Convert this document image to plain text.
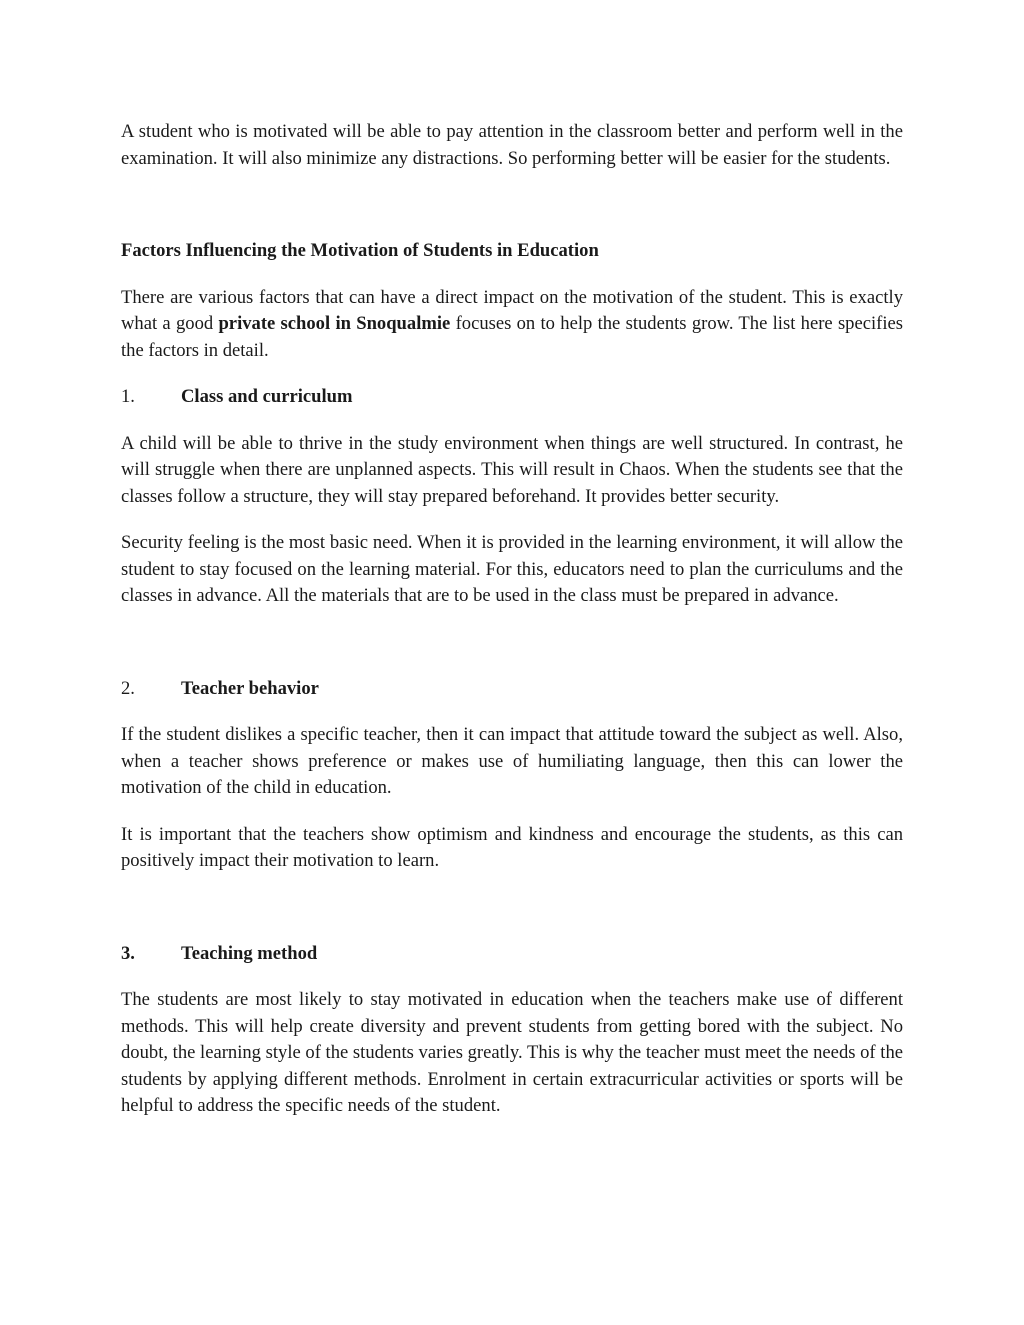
A student who is motivated will be able to pay attention in the classroom better and perform well in the examination. It will also minimize any distractions. So performing better will be easier for the students.

Factors Influencing the Motivation of Students in Education

There are various factors that can have a direct impact on the motivation of the student. This is exactly what a good private school in Snoqualmie focuses on to help the students grow. The list here specifies the factors in detail.

1.	Class and curriculum

A child will be able to thrive in the study environment when things are well structured. In contrast, he will struggle when there are unplanned aspects. This will result in Chaos. When the students see that the classes follow a structure, they will stay prepared beforehand. It provides better security.

Security feeling is the most basic need. When it is provided in the learning environment, it will allow the student to stay focused on the learning material. For this, educators need to plan the curriculums and the classes in advance. All the materials that are to be used in the class must be prepared in advance.

2.	Teacher behavior

If the student dislikes a specific teacher, then it can impact that attitude toward the subject as well. Also, when a teacher shows preference or makes use of humiliating language, then this can lower the motivation of the child in education.

It is important that the teachers show optimism and kindness and encourage the students, as this can positively impact their motivation to learn.

3.	Teaching method

The students are most likely to stay motivated in education when the teachers make use of different methods. This will help create diversity and prevent students from getting bored with the subject. No doubt, the learning style of the students varies greatly. This is why the teacher must meet the needs of the students by applying different methods. Enrolment in certain extracurricular activities or sports will be helpful to address the specific needs of the student.
